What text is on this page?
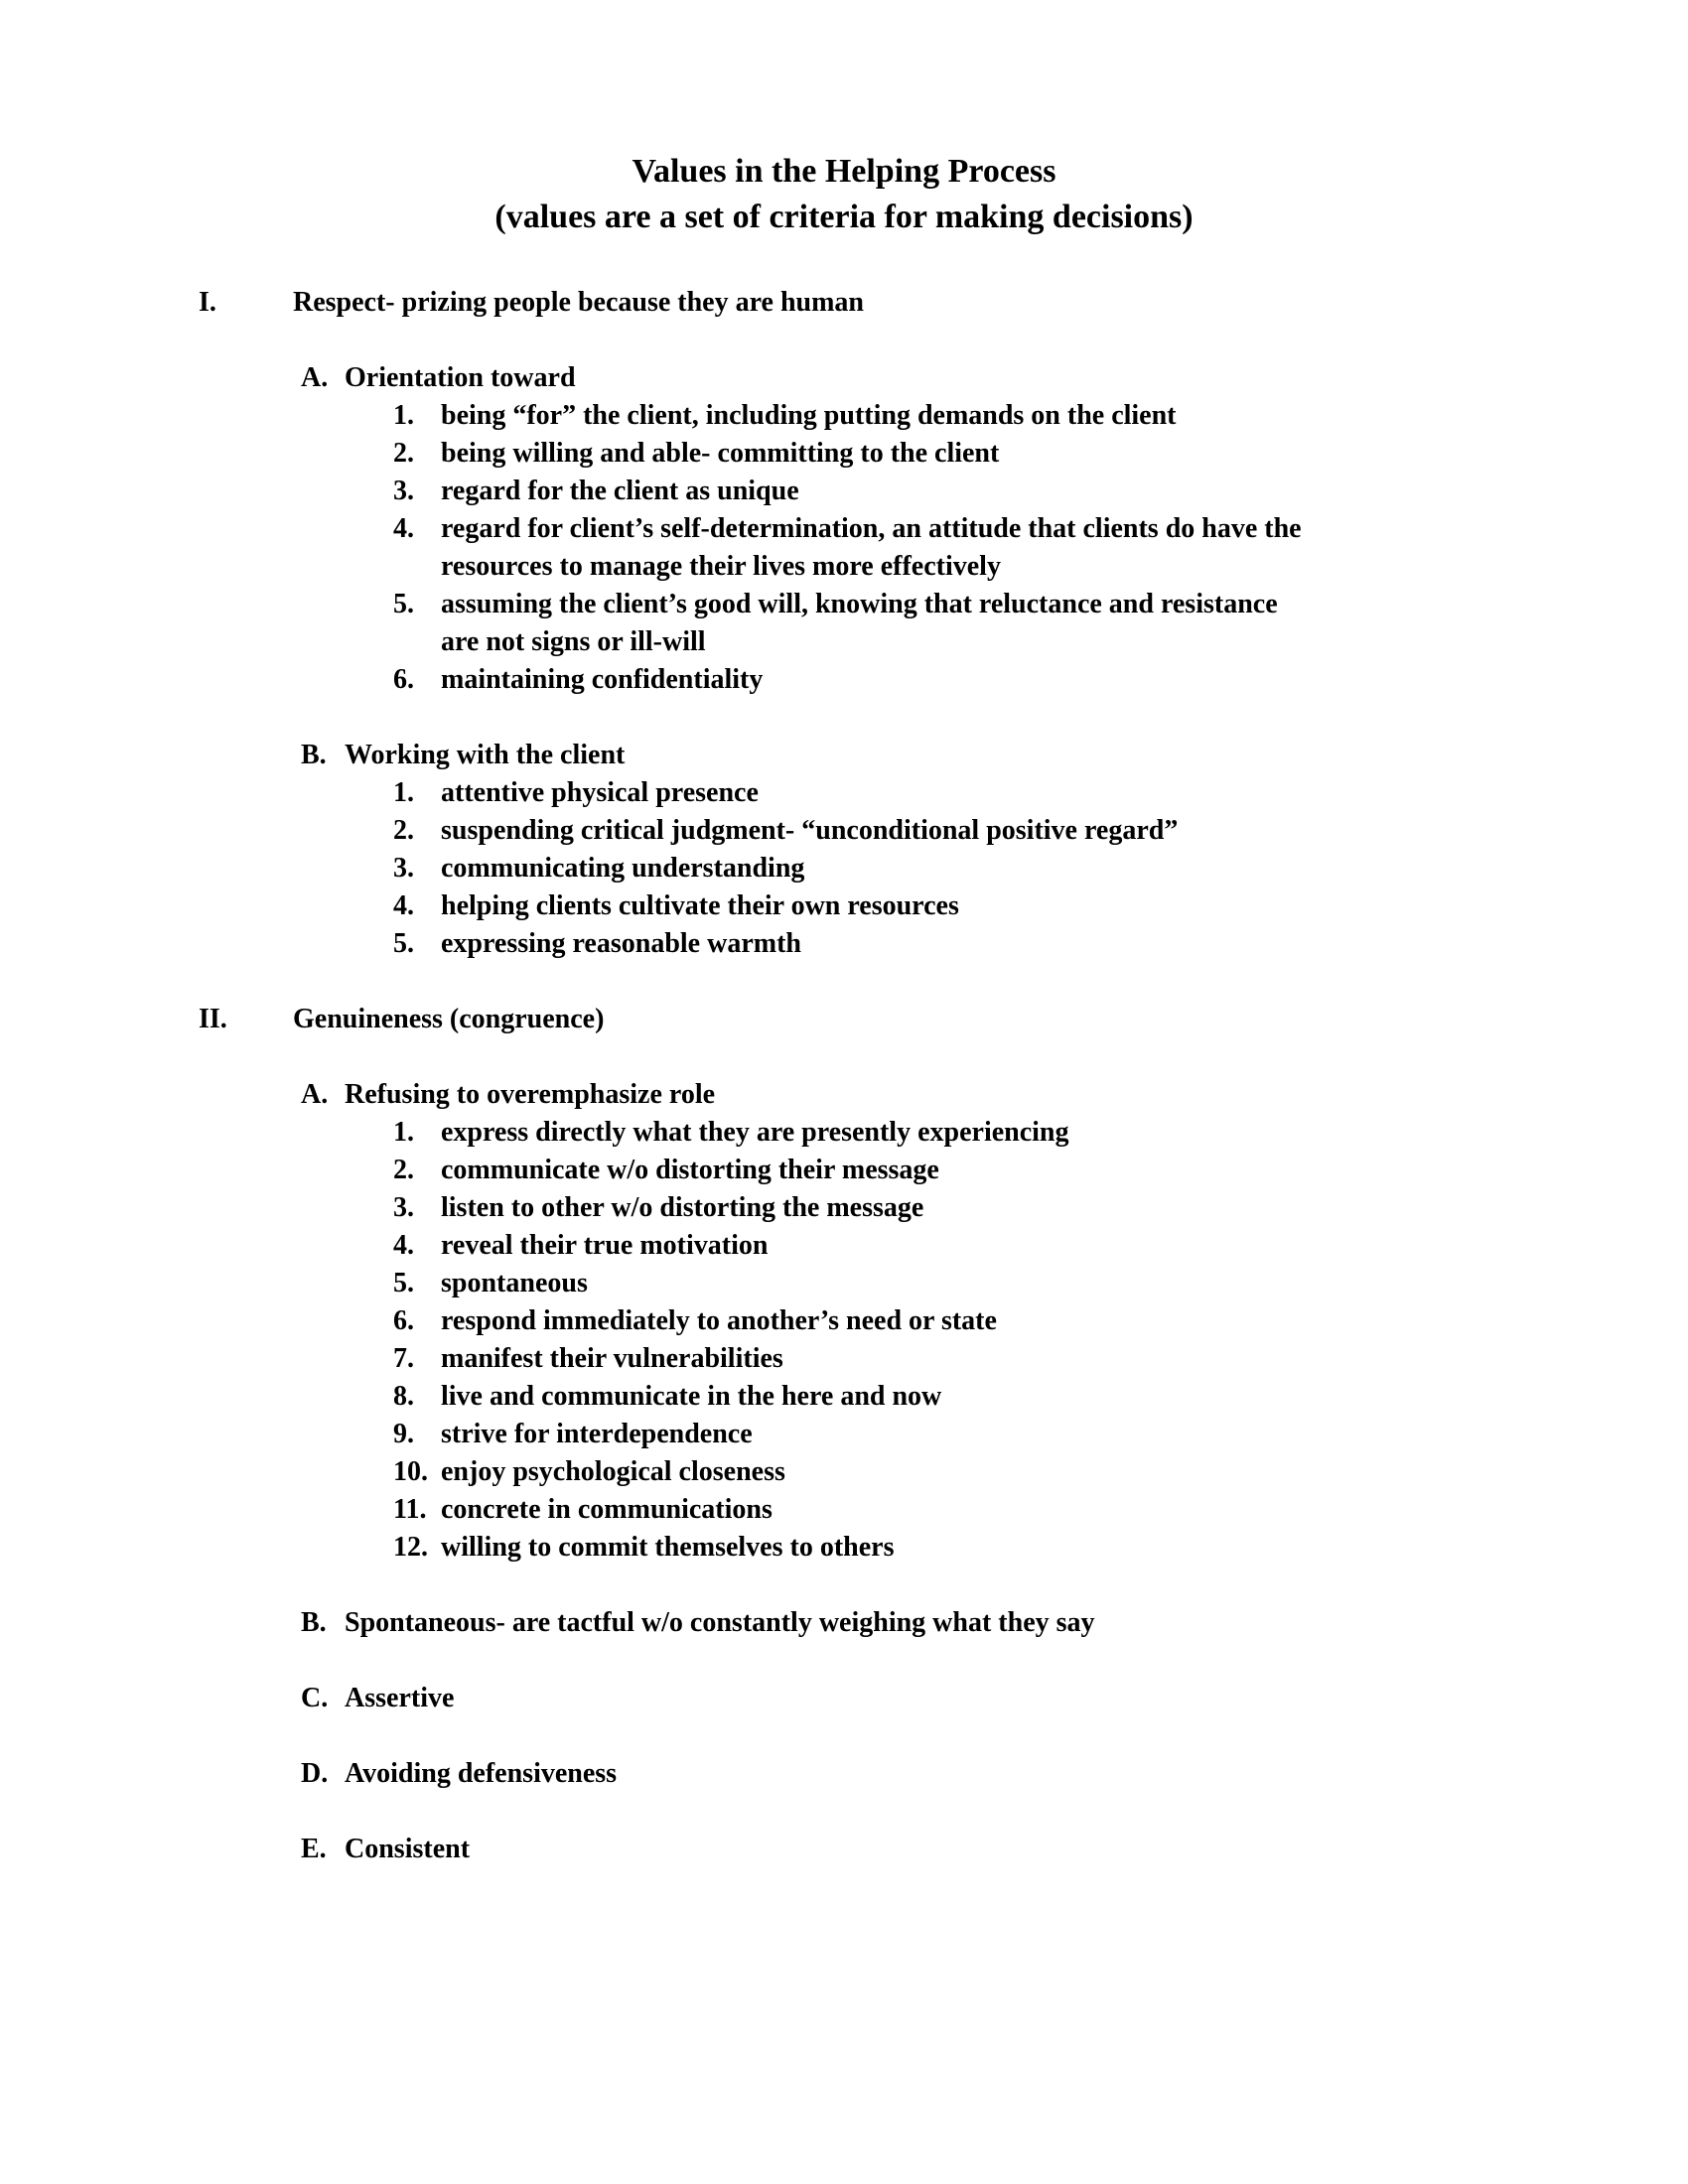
Values in the Helping Process
(values are a set of criteria for making decisions)
I.	Respect- prizing people because they are human
A. Orientation toward
1. being “for” the client, including putting demands on the client
2. being willing and able- committing to the client
3. regard for the client as unique
4. regard for client’s self-determination, an attitude that clients do have the resources to manage their lives more effectively
5. assuming the client’s good will, knowing that reluctance and resistance are not signs or ill-will
6. maintaining confidentiality
B. Working with the client
1. attentive physical presence
2. suspending critical judgment- “unconditional positive regard”
3. communicating understanding
4. helping clients cultivate their own resources
5. expressing reasonable warmth
II.	Genuineness (congruence)
A. Refusing to overemphasize role
1. express directly what they are presently experiencing
2. communicate w/o distorting their message
3. listen to other w/o distorting the message
4. reveal their true motivation
5. spontaneous
6. respond immediately to another’s need or state
7. manifest their vulnerabilities
8. live and communicate in the here and now
9. strive for interdependence
10. enjoy psychological closeness
11. concrete in communications
12. willing to commit themselves to others
B. Spontaneous- are tactful w/o constantly weighing what they say
C. Assertive
D. Avoiding defensiveness
E. Consistent
